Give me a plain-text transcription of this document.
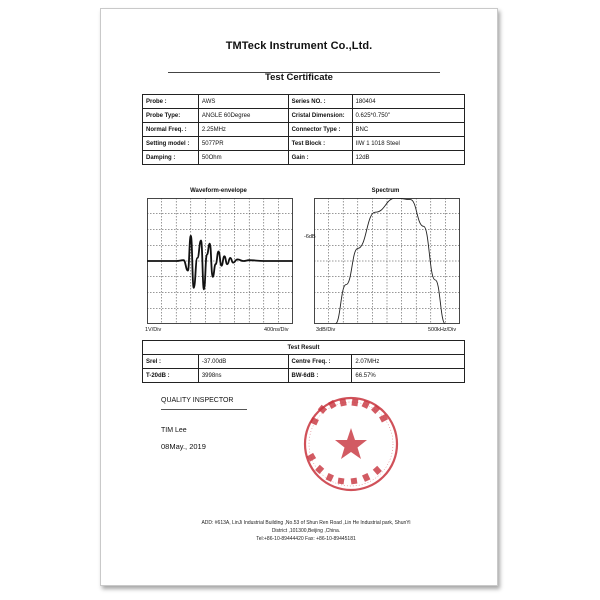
TMTeck Instrument Co.,Ltd.
Test Certificate
Probe :	AWS	Series NO. :	180404
Probe Type:	ANGLE 60Degree	Cristal Dimension:	0.625*0.750"
Normal Freq. :	2.25MHz	Connector Type :	BNC
Setting model :	5077PR	Test Block :	IIW 1 1018 Steel
Damping :	50Ohm	Gain :	12dB
Waveform-envelope	Spectrum
-6dB
1V/Div	400ns/Div	3dB/Div	500kHz/Div
Test Result			
Srel :	-37.00dB	Centre Freq. :	2.07MHz
T-20dB :	3998ns	BW-6dB :	66.57%
QUALITY INSPECTOR
TIM Lee
08May., 2019
ADD: #613A, LinJi Industrial Building ,No.53 of Shun Ren Road ,Lin He Industrial park, ShunYi
District ,101300,Beijing ,China.
Tel:+86-10-89444420 Fax: +86-10-89445181
